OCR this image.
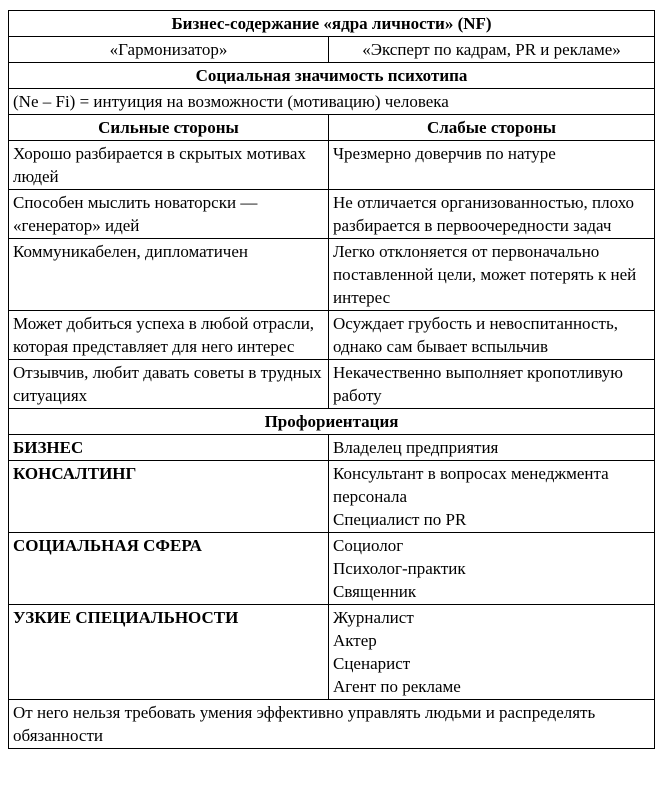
Бизнес-содержание «ядра личности» (NF)	
«Гармонизатор»	«Эксперт по кадрам, PR и рекламе»
Социальная значимость психотипа	
(Ne – Fi) = интуиция на возможности (мотивацию) человека	
Сильные стороны	Слабые стороны
Хорошо разбирается в скрытых мотивах людей	Чрезмерно доверчив по натуре
Способен мыслить новаторски — «генератор» идей	Не отличается организованностью, плохо разбирается в первоочередности задач
Коммуникабелен, дипломатичен	Легко отклоняется от первоначально поставленной цели, может потерять к ней интерес
Может добиться успеха в любой отрасли, которая представляет для него интерес	Осуждает грубость и невоспитанность, однако сам бывает вспыльчив
Отзывчив, любит давать советы в трудных ситуациях	Некачественно выполняет кропотливую работу
Профориентация	
БИЗНЕС	Владелец предприятия

КОНСАЛТИНГ	Консультант в вопросах менеджмента персонала
Специалист по PR

СОЦИАЛЬНАЯ СФЕРА	Социолог
Психолог-практик
Священник

УЗКИЕ СПЕЦИАЛЬНОСТИ	Журналист
Актер
Сценарист
Агент по рекламе

От него нельзя требовать умения эффективно управлять людьми и распределять обязанности	
